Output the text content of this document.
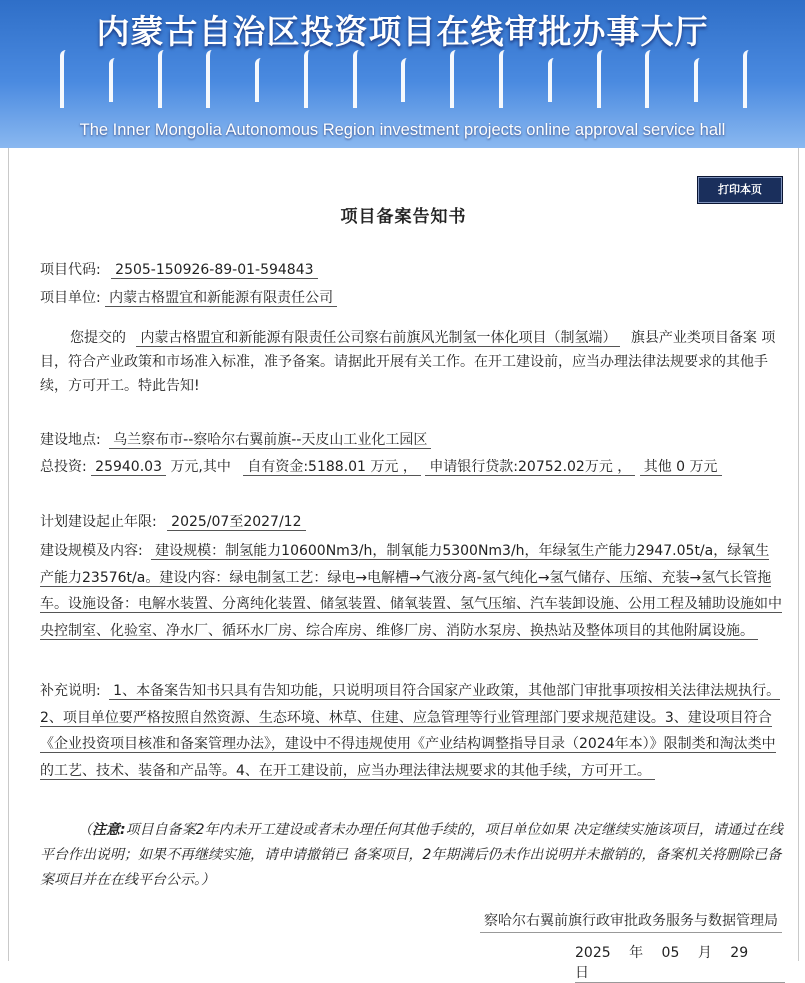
内蒙古自治区投资项目在线审批办事大厅
The Inner Mongolia Autonomous Region investment projects online approval service hall
打印本页
项目备案告知书
项目代码: 2505-150926-89-01-594843
项目单位: 内蒙古格盟宜和新能源有限责任公司
您提交的 内蒙古格盟宜和新能源有限责任公司察右前旗风光制氢一体化项目（制氢端） 旗县产业类项目备案 项目，符合产业政策和市场准入标准，准予备案。请据此开展有关工作。在开工建设前，应当办理法律法规要求的其他手续，方可开工。特此告知!
建设地点: 乌兰察布市--察哈尔右翼前旗--天皮山工业化工园区
总投资: 25940.03 万元,其中 自有资金:5188.01 万元 ， 申请银行贷款:20752.02万元 ， 其他 0 万元
计划建设起止年限: 2025/07至2027/12
建设规模及内容: 建设规模：制氢能力10600Nm3/h，制氧能力5300Nm3/h，年绿氢生产能力2947.05t/a，绿氧生产能力23576t/a。建设内容：绿电制氢工艺：绿电→电解槽→气液分离-氢气纯化→氢气储存、压缩、充装→氢气长管拖车。设施设备：电解水装置、分离纯化装置、储氢装置、储氧装置、氢气压缩、汽车装卸设施、公用工程及辅助设施如中央控制室、化验室、净水厂、循环水厂房、综合库房、维修厂房、消防水泵房、换热站及整体项目的其他附属设施。
补充说明: 1、本备案告知书只具有告知功能，只说明项目符合国家产业政策，其他部门审批事项按相关法律法规执行。2、项目单位要严格按照自然资源、生态环境、林草、住建、应急管理等行业管理部门要求规范建设。3、建设项目符合《企业投资项目核准和备案管理办法》，建设中不得违规使用《产业结构调整指导目录（2024年本）》限制类和淘汰类中的工艺、技术、装备和产品等。4、在开工建设前，应当办理法律法规要求的其他手续，方可开工。
（注意:项目自备案2年内未开工建设或者未办理任何其他手续的，项目单位如果 决定继续实施该项目，请通过在线平台作出说明；如果不再继续实施，请申请撤销已 备案项目，2年期满后仍未作出说明并未撤销的，备案机关将删除已备案项目并在在线平台公示。）
察哈尔右翼前旗行政审批政务服务与数据管理局
2025 年 05 月 29 日
